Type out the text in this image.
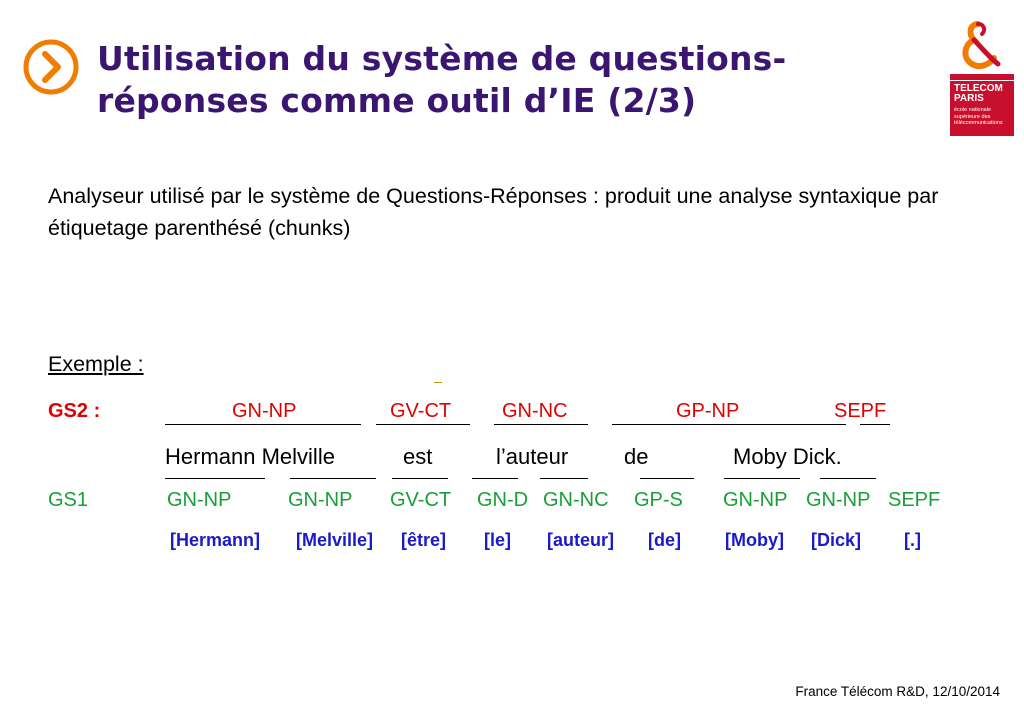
Utilisation du système de questions-réponses comme outil d’IE (2/3)	TELECOM
PARIS
école nationale
supérieure des
télécommunications
Analyseur utilisé par le système de Questions-Réponses : produit une analyse syntaxique par étiquetage parenthésé (chunks)
Exemple :
GS2 :	GN-NP	GV-CT	GN-NC	GP-NP	SEPF
Hermann Melville	est	l’auteur	de	Moby Dick.
GS1	GN-NP	GN-NP GV-CT GN-D GN-NC GP-S GN-NP GN-NP SEPF
[Hermann] [Melville] [être] [le] [auteur] [de] [Moby] [Dick] [.]
France Télécom R&D, 12/10/2014
